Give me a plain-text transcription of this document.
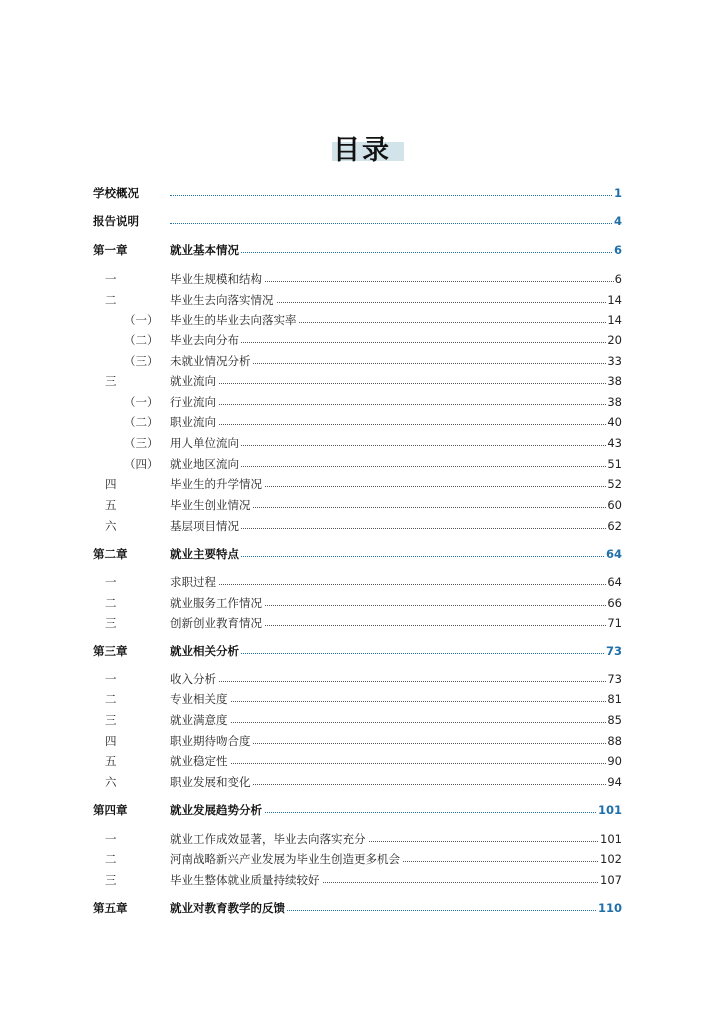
目录
学校概况	1
报告说明	4
第一章	就业基本情况	6
一	毕业生规模和结构	6
二	毕业生去向落实情况	14
（一） 毕业生的毕业去向落实率	14
（二） 毕业去向分布	20
（三） 未就业情况分析	33
三	就业流向	38
（一） 行业流向	38
（二） 职业流向	40
（三） 用人单位流向	43
（四） 就业地区流向	51
四	毕业生的升学情况	52
五	毕业生创业情况	60
六	基层项目情况	62
第二章	就业主要特点	64
一	求职过程	64
二	就业服务工作情况	66
三	创新创业教育情况	71
第三章	就业相关分析	73
一	收入分析	73
二	专业相关度	81
三	就业满意度	85
四	职业期待吻合度	88
五	就业稳定性	90
六	职业发展和变化	94
第四章	就业发展趋势分析	101
一	就业工作成效显著，毕业去向落实充分	101
二	河南战略新兴产业发展为毕业生创造更多机会	102
三	毕业生整体就业质量持续较好	107
第五章	就业对教育教学的反馈	110
